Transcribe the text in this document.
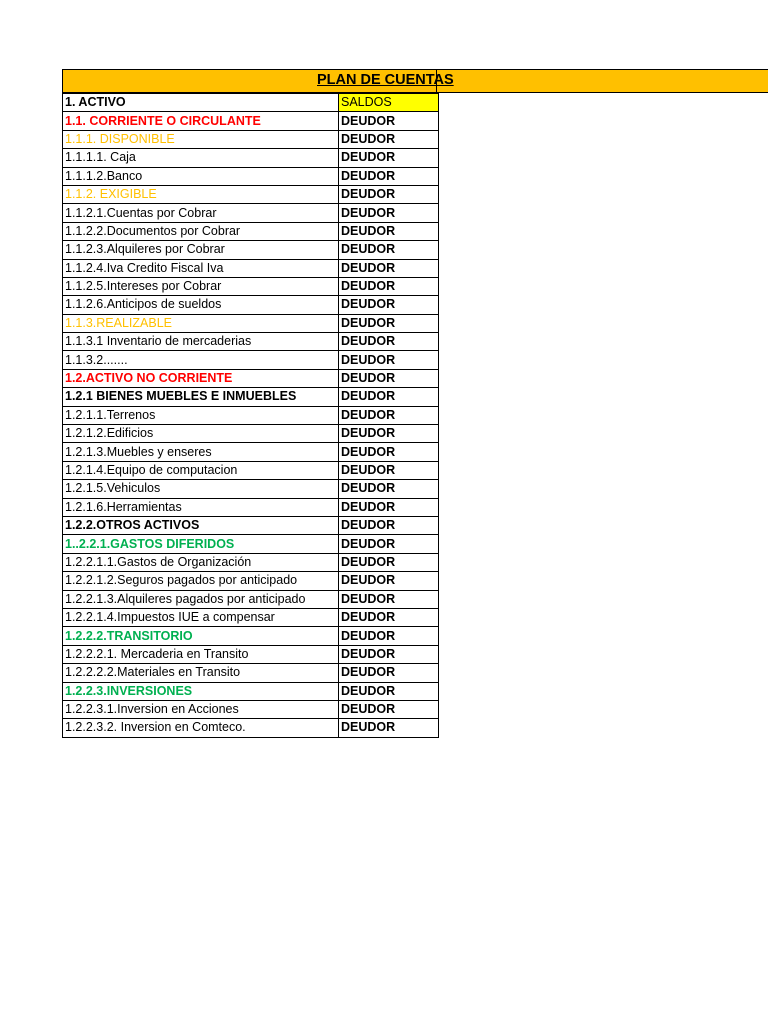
PLAN DE CUENTAS
1. ACTIVO	SALDOS
1.1. CORRIENTE O CIRCULANTE	DEUDOR
1.1.1. DISPONIBLE	DEUDOR
1.1.1.1. Caja	DEUDOR
1.1.1.2.Banco	DEUDOR
1.1.2. EXIGIBLE	DEUDOR
1.1.2.1.Cuentas por Cobrar	DEUDOR
1.1.2.2.Documentos por Cobrar	DEUDOR
1.1.2.3.Alquileres por Cobrar	DEUDOR
1.1.2.4.Iva Credito Fiscal Iva	DEUDOR
1.1.2.5.Intereses por Cobrar	DEUDOR
1.1.2.6.Anticipos de sueldos	DEUDOR
1.1.3.REALIZABLE	DEUDOR
1.1.3.1 Inventario de mercaderias	DEUDOR
1.1.3.2.......	DEUDOR
1.2.ACTIVO NO CORRIENTE	DEUDOR
1.2.1 BIENES MUEBLES E INMUEBLES	DEUDOR
1.2.1.1.Terrenos	DEUDOR
1.2.1.2.Edificios	DEUDOR
1.2.1.3.Muebles y enseres	DEUDOR
1.2.1.4.Equipo de computacion	DEUDOR
1.2.1.5.Vehiculos	DEUDOR
1.2.1.6.Herramientas	DEUDOR
1.2.2.OTROS ACTIVOS	DEUDOR
1..2.2.1.GASTOS DIFERIDOS	DEUDOR
1.2.2.1.1.Gastos de Organización	DEUDOR
1.2.2.1.2.Seguros pagados por anticipado	DEUDOR
1.2.2.1.3.Alquileres pagados por anticipado	DEUDOR
1.2.2.1.4.Impuestos IUE a compensar	DEUDOR
1.2.2.2.TRANSITORIO	DEUDOR
1.2.2.2.1. Mercaderia en Transito	DEUDOR
1.2.2.2.2.Materiales en Transito	DEUDOR
1.2.2.3.INVERSIONES	DEUDOR
1.2.2.3.1.Inversion en Acciones	DEUDOR
1.2.2.3.2. Inversion en Comteco.	DEUDOR
